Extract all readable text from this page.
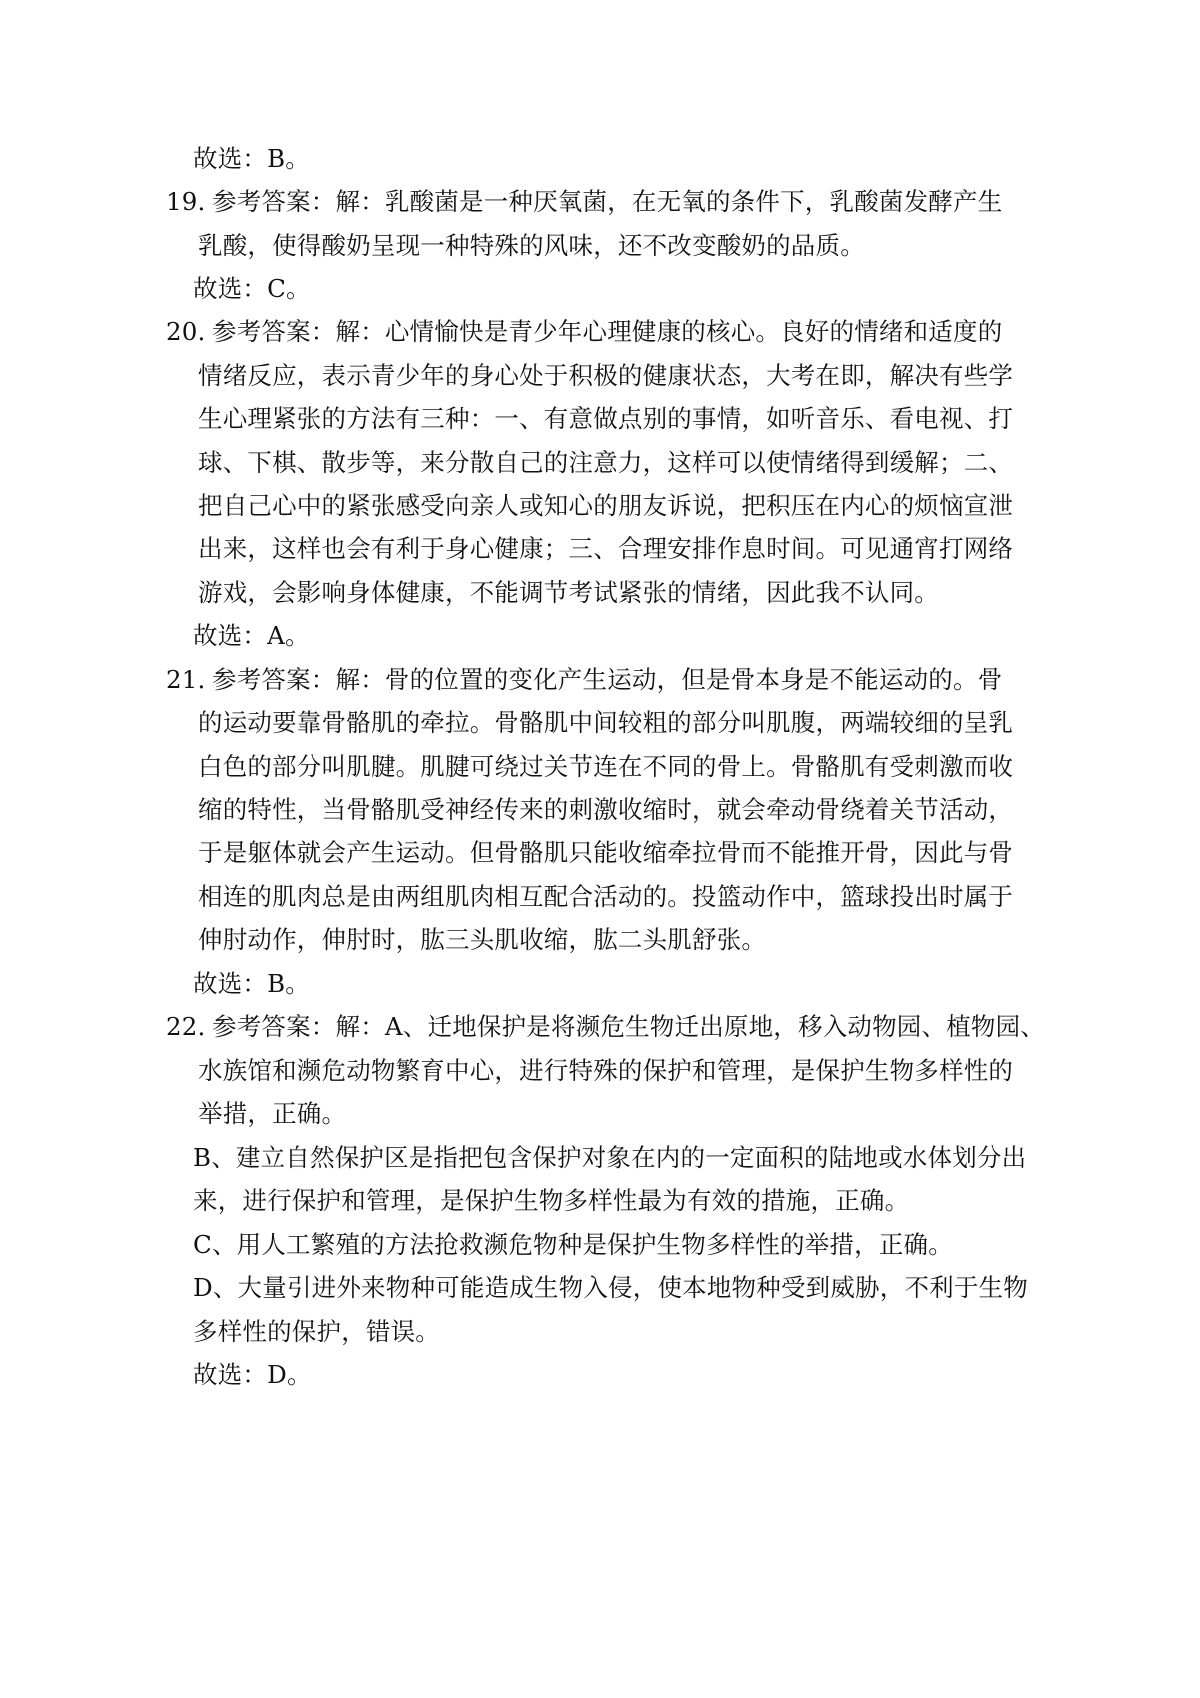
故选：B。
19．参考答案：解：乳酸菌是一种厌氧菌，在无氧的条件下，乳酸菌发酵产生
乳酸，使得酸奶呈现一种特殊的风味，还不改变酸奶的品质。
故选：C。
20．参考答案：解：心情愉快是青少年心理健康的核心。良好的情绪和适度的
情绪反应，表示青少年的身心处于积极的健康状态，大考在即，解决有些学
生心理紧张的方法有三种：一、有意做点别的事情，如听音乐、看电视、打
球、下棋、散步等，来分散自己的注意力，这样可以使情绪得到缓解；二、
把自己心中的紧张感受向亲人或知心的朋友诉说，把积压在内心的烦恼宣泄
出来，这样也会有利于身心健康；三、合理安排作息时间。可见通宵打网络
游戏，会影响身体健康，不能调节考试紧张的情绪，因此我不认同。
故选：A。
21．参考答案：解：骨的位置的变化产生运动，但是骨本身是不能运动的。骨
的运动要靠骨骼肌的牵拉。骨骼肌中间较粗的部分叫肌腹，两端较细的呈乳
白色的部分叫肌腱。肌腱可绕过关节连在不同的骨上。骨骼肌有受刺激而收
缩的特性，当骨骼肌受神经传来的刺激收缩时，就会牵动骨绕着关节活动，
于是躯体就会产生运动。但骨骼肌只能收缩牵拉骨而不能推开骨，因此与骨
相连的肌肉总是由两组肌肉相互配合活动的。投篮动作中，篮球投出时属于
伸肘动作，伸肘时，肱三头肌收缩，肱二头肌舒张。
故选：B。
22．参考答案：解：A、迁地保护是将濒危生物迁出原地，移入动物园、植物园、
水族馆和濒危动物繁育中心，进行特殊的保护和管理，是保护生物多样性的
举措，正确。
B、建立自然保护区是指把包含保护对象在内的一定面积的陆地或水体划分出
来，进行保护和管理，是保护生物多样性最为有效的措施，正确。
C、用人工繁殖的方法抢救濒危物种是保护生物多样性的举措，正确。
D、大量引进外来物种可能造成生物入侵，使本地物种受到威胁，不利于生物
多样性的保护，错误。
故选：D。
